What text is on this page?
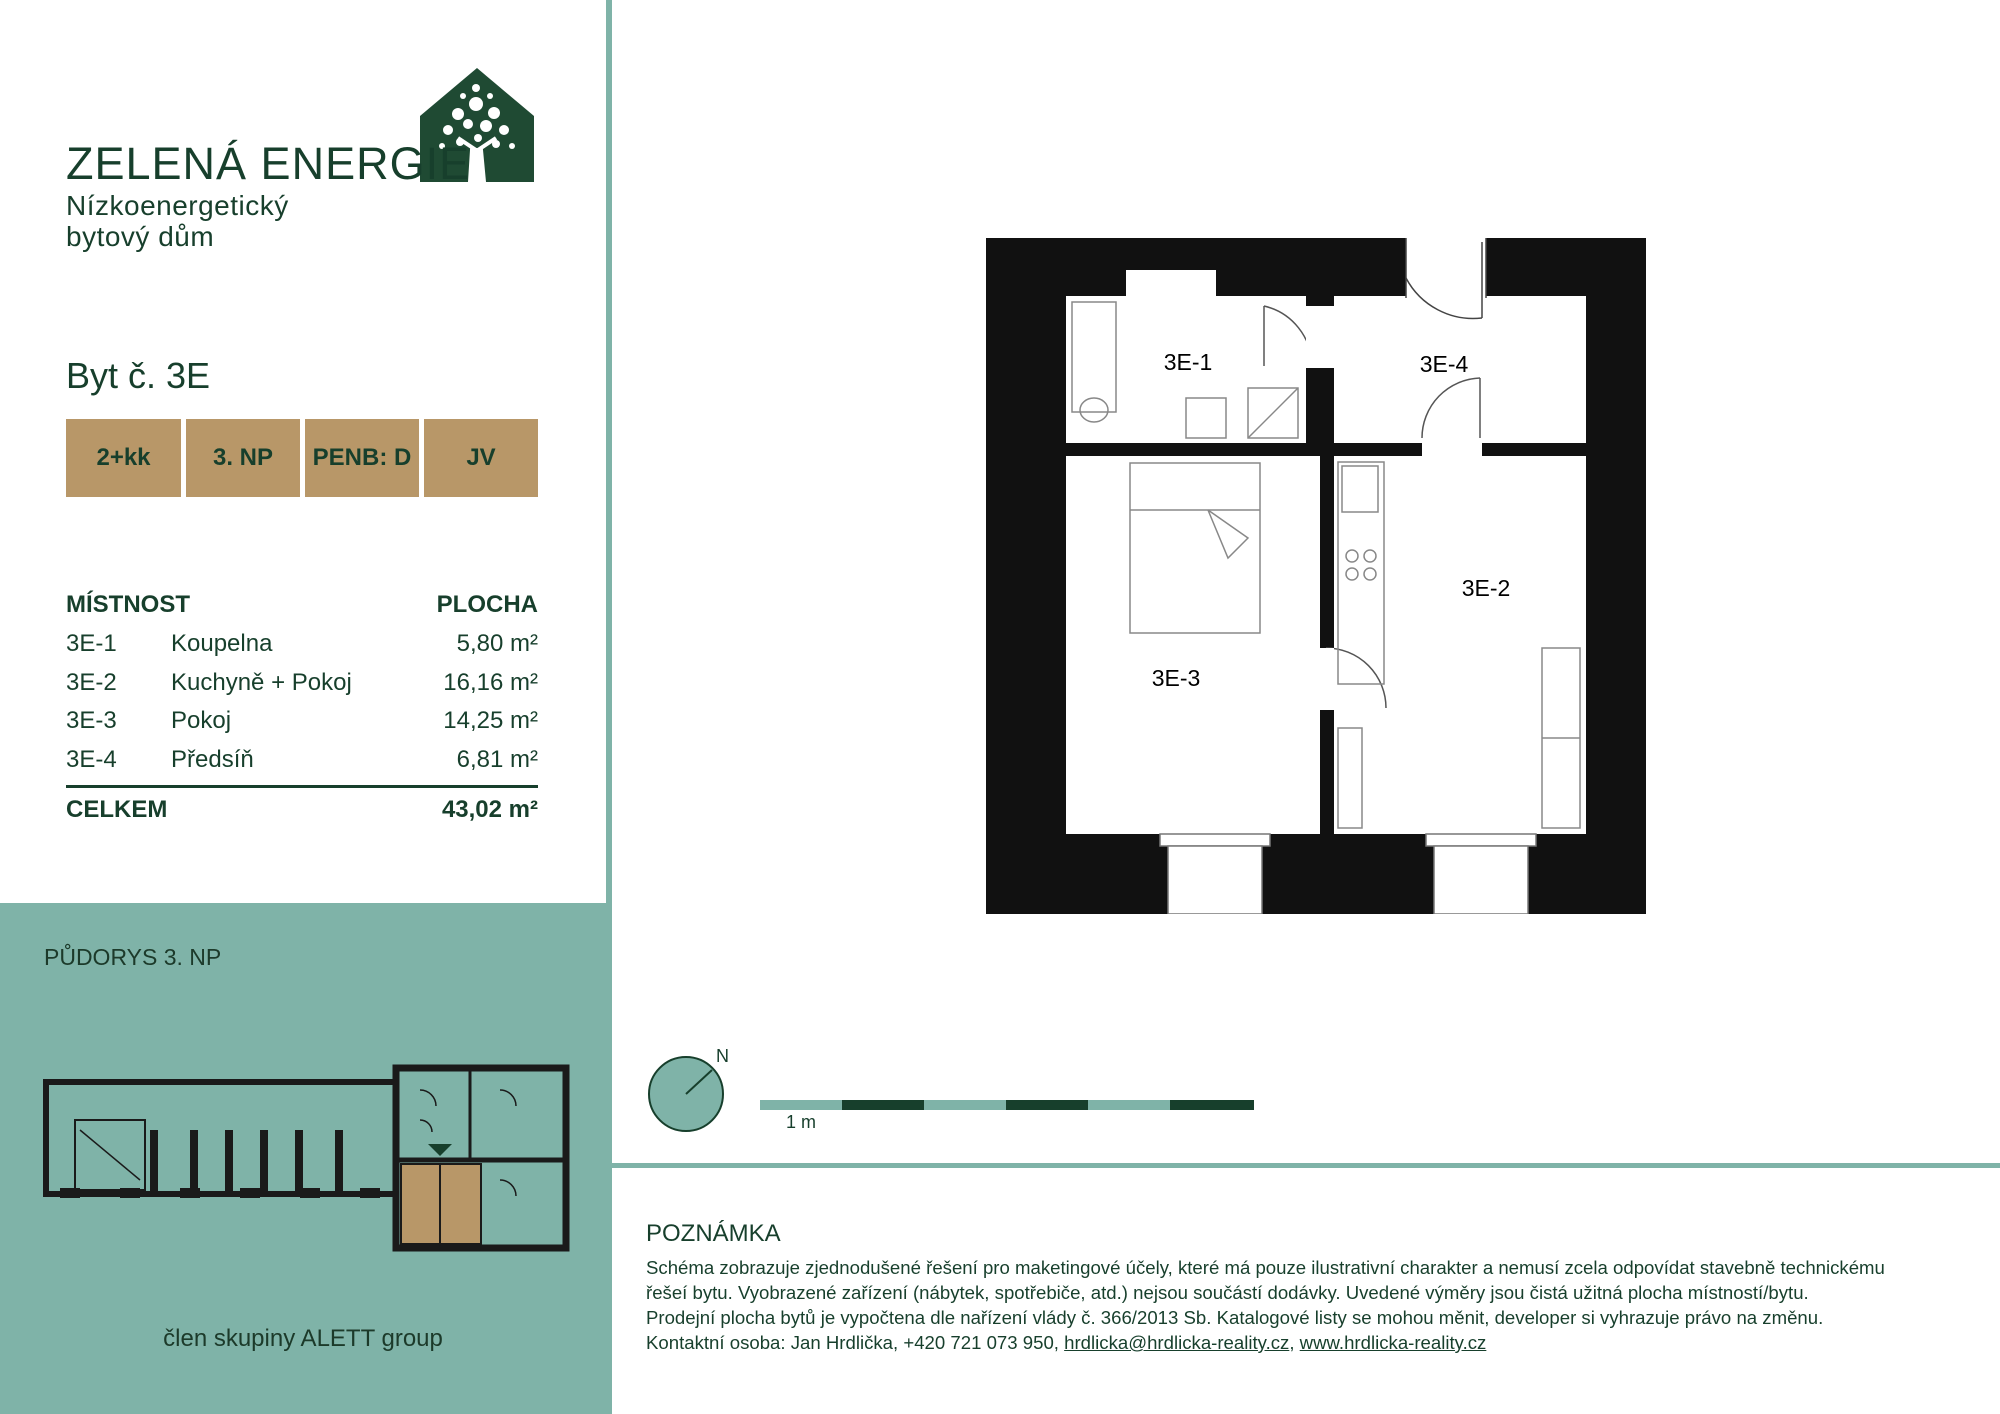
ZELENÁ ENERGIE
Nízkoenergetický
bytový dům
Byt č. 3E
2+kk	3. NP	PENB: D	JV
MÍSTNOST	PLOCHA
3E-1	Koupelna	5,80 m²
3E-2	Kuchyně + Pokoj	16,16 m²
3E-3	Pokoj	14,25 m²
3E-4	Předsíň	6,81 m²
CELKEM	43,02 m²
PŮDORYS 3. NP
člen skupiny ALETT group
3E-1	3E-4
3E-2
3E-3
N
1 m
POZNÁMKA
Schéma zobrazuje zjednodušené řešení pro maketingové účely, které má pouze ilustrativní charakter a nemusí zcela odpovídat stavebně technickému
řešeí bytu. Vyobrazené zařízení (nábytek, spotřebiče, atd.) nejsou součástí dodávky. Uvedené výměry jsou čistá užitná plocha místností/bytu.
Prodejní plocha bytů je vypočtena dle nařízení vlády č. 366/2013 Sb. Katalogové listy se mohou měnit, developer si vyhrazuje právo na změnu.
Kontaktní osoba: Jan Hrdlička, +420 721 073 950, hrdlicka@hrdlicka-reality.cz, www.hrdlicka-reality.cz
